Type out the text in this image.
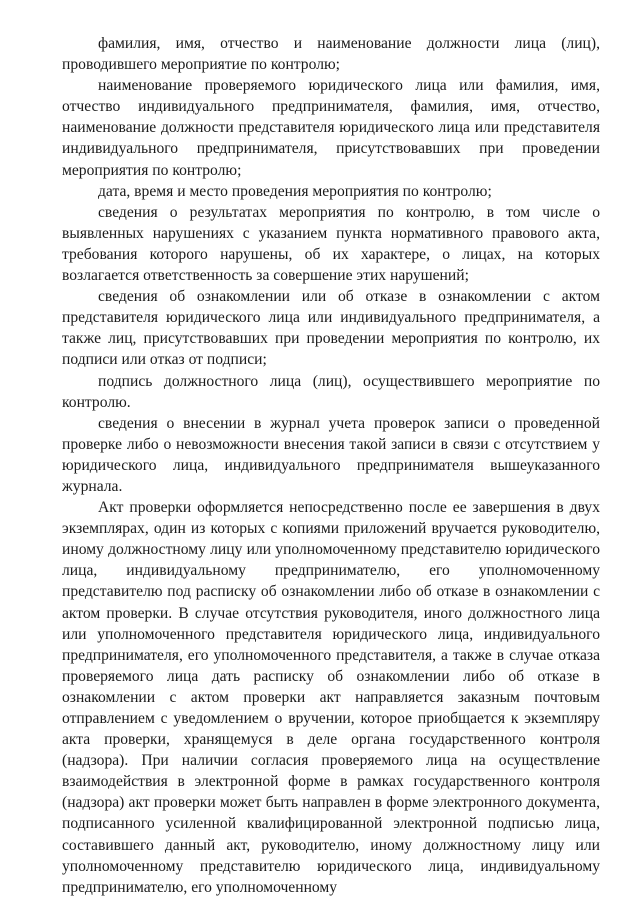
фамилия, имя, отчество и наименование должности лица (лиц), проводившего мероприятие по контролю;

наименование проверяемого юридического лица или фамилия, имя, отчество индивидуального предпринимателя, фамилия, имя, отчество, наименование должности представителя юридического лица или представителя индивидуального предпринимателя, присутствовавших при проведении мероприятия по контролю;

дата, время и место проведения мероприятия по контролю;

сведения о результатах мероприятия по контролю, в том числе о выявленных нарушениях с указанием пункта нормативного правового акта, требования которого нарушены, об их характере, о лицах, на которых возлагается ответственность за совершение этих нарушений;

сведения об ознакомлении или об отказе в ознакомлении с актом представителя юридического лица или индивидуального предпринимателя, а также лиц, присутствовавших при проведении мероприятия по контролю, их подписи или отказ от подписи;

подпись должностного лица (лиц), осуществившего мероприятие по контролю.

сведения о внесении в журнал учета проверок записи о проведенной проверке либо о невозможности внесения такой записи в связи с отсутствием у юридического лица, индивидуального предпринимателя вышеуказанного журнала.

Акт проверки оформляется непосредственно после ее завершения в двух экземплярах, один из которых с копиями приложений вручается руководителю, иному должностному лицу или уполномоченному представителю юридического лица, индивидуальному предпринимателю, его уполномоченному представителю под расписку об ознакомлении либо об отказе в ознакомлении с актом проверки. В случае отсутствия руководителя, иного должностного лица или уполномоченного представителя юридического лица, индивидуального предпринимателя, его уполномоченного представителя, а также в случае отказа проверяемого лица дать расписку об ознакомлении либо об отказе в ознакомлении с актом проверки акт направляется заказным почтовым отправлением с уведомлением о вручении, которое приобщается к экземпляру акта проверки, хранящемуся в деле органа государственного контроля (надзора). При наличии согласия проверяемого лица на осуществление взаимодействия в электронной форме в рамках государственного контроля (надзора) акт проверки может быть направлен в форме электронного документа, подписанного усиленной квалифицированной электронной подписью лица, составившего данный акт, руководителю, иному должностному лицу или уполномоченному представителю юридического лица, индивидуальному предпринимателю, его уполномоченному
